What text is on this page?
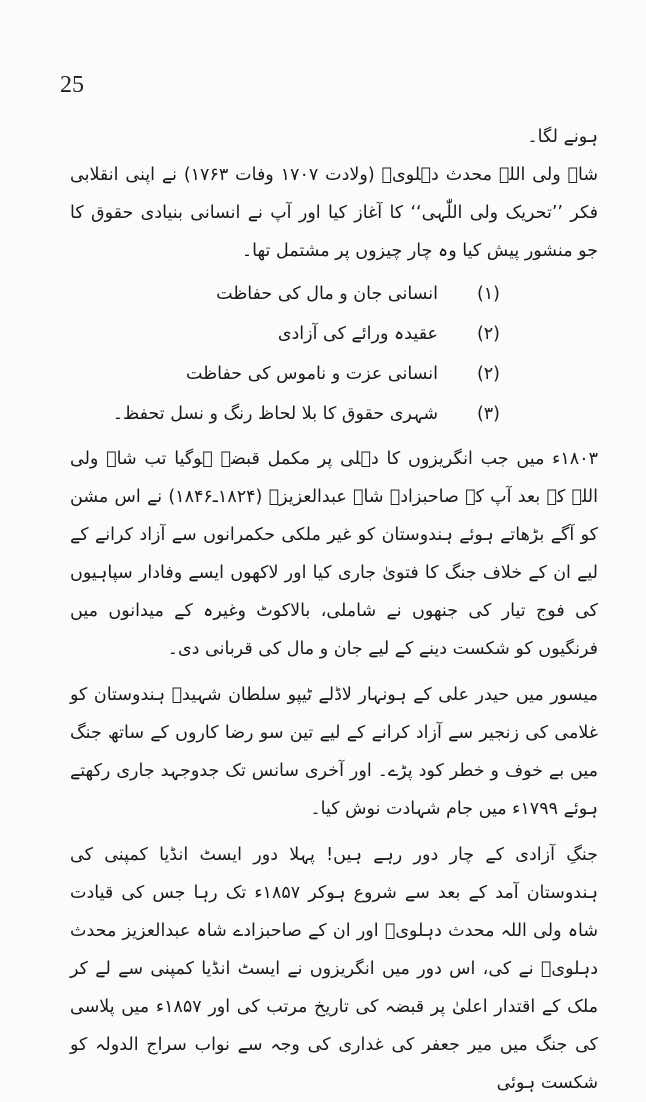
25

ہونے لگا۔

شاہ ولی اللہ محدث دہلویؒ (ولادت ۱۷۰۷ وفات ۱۷۶۳) نے اپنی انقلابی فکر ’’تحریک ولی اللّٰہی‘‘ کا آغاز کیا اور آپ نے انسانی بنیادی حقوق کا جو منشور پیش کیا وہ چار چیزوں پر مشتمل تھا۔

(۱)
انسانی جان و مال کی حفاظت
(۲)
عقیدہ ورائے کی آزادی
(۲)
انسانی عزت و ناموس کی حفاظت
(۳)
شہری حقوق کا بلا لحاظ رنگ و نسل تحفظ۔

۱۸۰۳ء میں جب انگریزوں کا دہلی پر مکمل قبضہ ہوگیا تب شاہ ولی اللہ کے بعد آپ کے صاحبزادے شاہ عبدالعزیزؒ (۱۸۲۴ـ۱۸۴۶) نے اس مشن کو آگے بڑھاتے ہوئے ہندوستان کو غیر ملکی حکمرانوں سے آزاد کرانے کے لیے ان کے خلاف جنگ کا فتویٰ جاری کیا اور لاکھوں ایسے وفادار سپاہیوں کی فوج تیار کی جنھوں نے شاملی، بالاکوٹ وغیرہ کے میدانوں میں فرنگیوں کو شکست دینے کے لیے جان و مال کی قربانی دی۔

میسور میں حیدر علی کے ہونہار لاڈلے ٹیپو سلطان شہیدؒ ہندوستان کو غلامی کی زنجیر سے آزاد کرانے کے لیے تین سو رضا کاروں کے ساتھ جنگ میں بے خوف و خطر کود پڑے۔ اور آخری سانس تک جدوجہد جاری رکھتے ہوئے ۱۷۹۹ء میں جام شہادت نوش کیا۔

جنگِ آزادی کے چار دور رہے ہیں! پہلا دور ایسٹ انڈیا کمپنی کی ہندوستان آمد کے بعد سے شروع ہوکر ۱۸۵۷ء تک رہا جس کی قیادت شاہ ولی اللہ محدث دہلویؒ اور ان کے صاحبزادے شاہ عبدالعزیز محدث دہلویؒ نے کی، اس دور میں انگریزوں نے ایسٹ انڈیا کمپنی سے لے کر ملک کے اقتدار اعلیٰ پر قبضہ کی تاریخ مرتب کی اور ۱۸۵۷ء میں پلاسی کی جنگ میں میر جعفر کی غداری کی وجہ سے نواب سراج الدولہ کو شکست ہوئی
